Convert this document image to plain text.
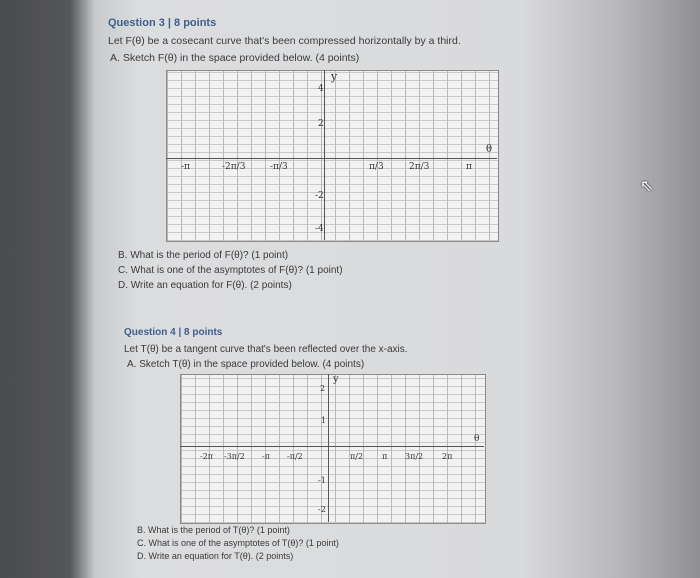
Question 3 | 8 points
Let F(θ) be a cosecant curve that's been compressed horizontally by a third.
A. Sketch F(θ) in the space provided below. (4 points)
-π	-2π/3	-π/3	π/3	2π/3	π
4
2
-2
-4
θ
y
B. What is the period of F(θ)? (1 point)
C. What is one of the asymptotes of F(θ)? (1 point)
D. Write an equation for F(θ). (2 points)
Question 4 | 8 points
Let T(θ) be a tangent curve that's been reflected over the x-axis.
A. Sketch T(θ) in the space provided below. (4 points)
-2π -3π/2 -π -π/2	π/2 π 3π/2 2π
2
1
-1
-2
θ
y
B. What is the period of T(θ)? (1 point)
C. What is one of the asymptotes of T(θ)? (1 point)
D. Write an equation for T(θ). (2 points)
⇖
